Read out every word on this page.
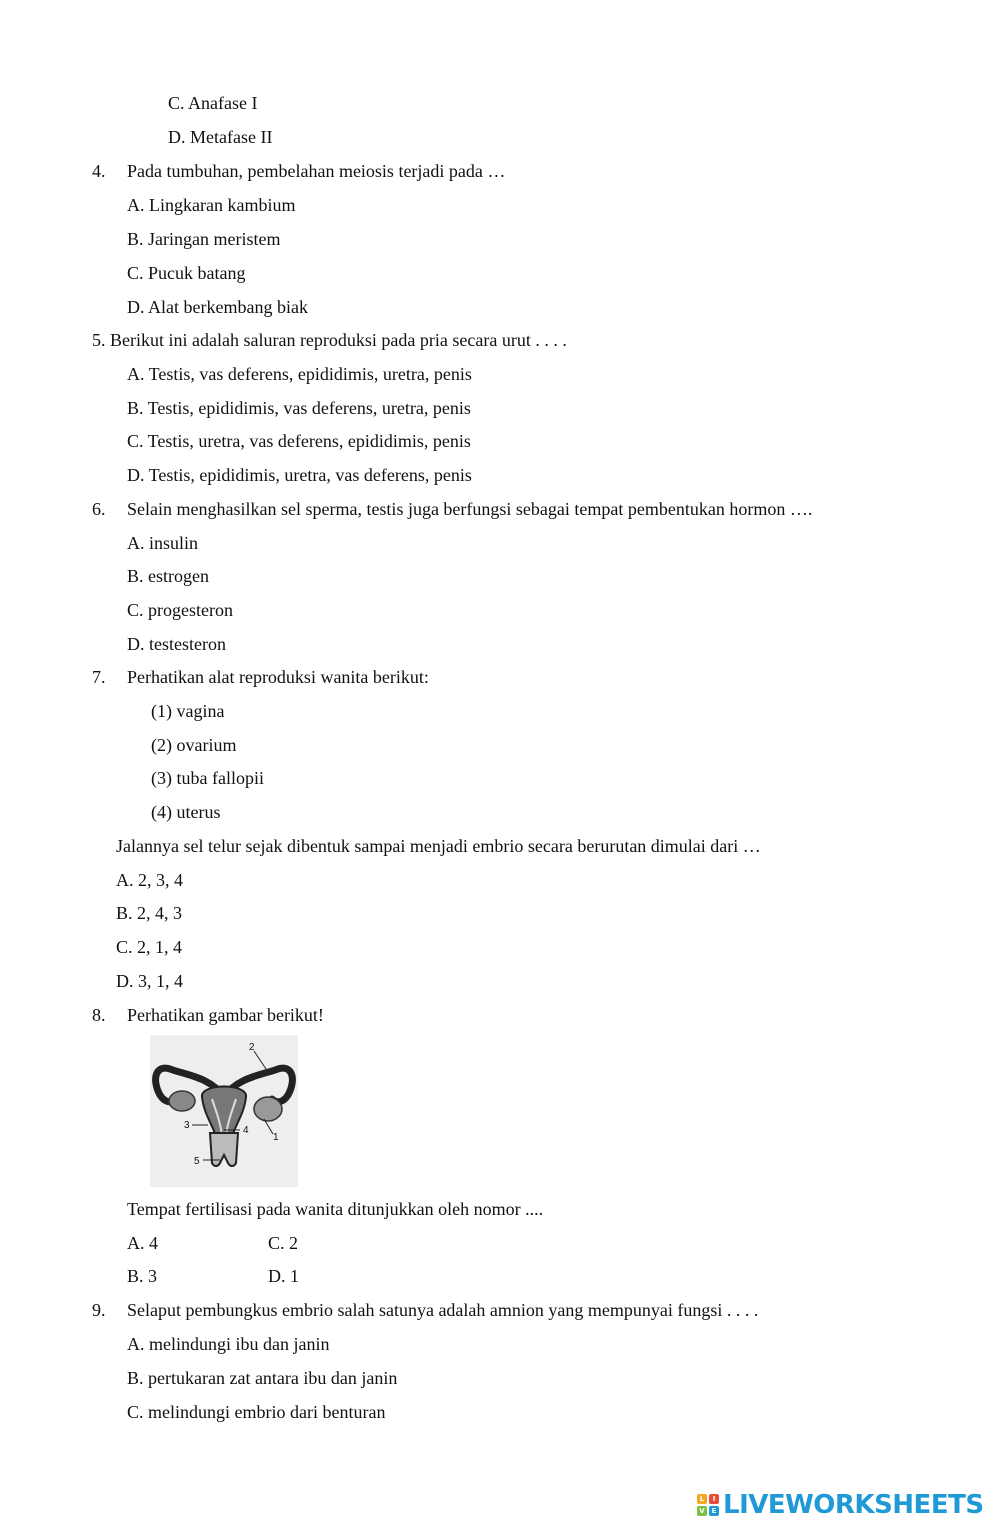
C. Anafase I
D. Metafase II
4. Pada tumbuhan, pembelahan meiosis terjadi pada …
A. Lingkaran kambium
B. Jaringan meristem
C. Pucuk batang
D. Alat berkembang biak
5. Berikut ini adalah saluran reproduksi pada pria secara urut . . . .
A. Testis, vas deferens, epididimis, uretra, penis
B. Testis, epididimis, vas deferens, uretra, penis
C. Testis, uretra, vas deferens, epididimis, penis
D. Testis, epididimis, uretra, vas deferens, penis
6. Selain menghasilkan sel sperma, testis juga berfungsi sebagai tempat pembentukan hormon ….
A. insulin
B. estrogen
C. progesteron
D. testesteron
7. Perhatikan alat reproduksi wanita berikut:
(1) vagina
(2) ovarium
(3) tuba fallopii
(4) uterus
Jalannya sel telur sejak dibentuk sampai menjadi embrio secara berurutan dimulai dari …
A. 2, 3, 4
B. 2, 4, 3
C. 2, 1, 4
D. 3, 1, 4
8. Perhatikan gambar berikut!
2
1
3	4
5
Tempat fertilisasi pada wanita ditunjukkan oleh nomor ....
A. 4	C. 2
B. 3	D. 1
9. Selaput pembungkus embrio salah satunya adalah amnion yang mempunyai fungsi . . . .
A. melindungi ibu dan janin
B. pertukaran zat antara ibu dan janin
C. melindungi embrio dari benturan
L	I
V E LIVEWORKSHEETS
